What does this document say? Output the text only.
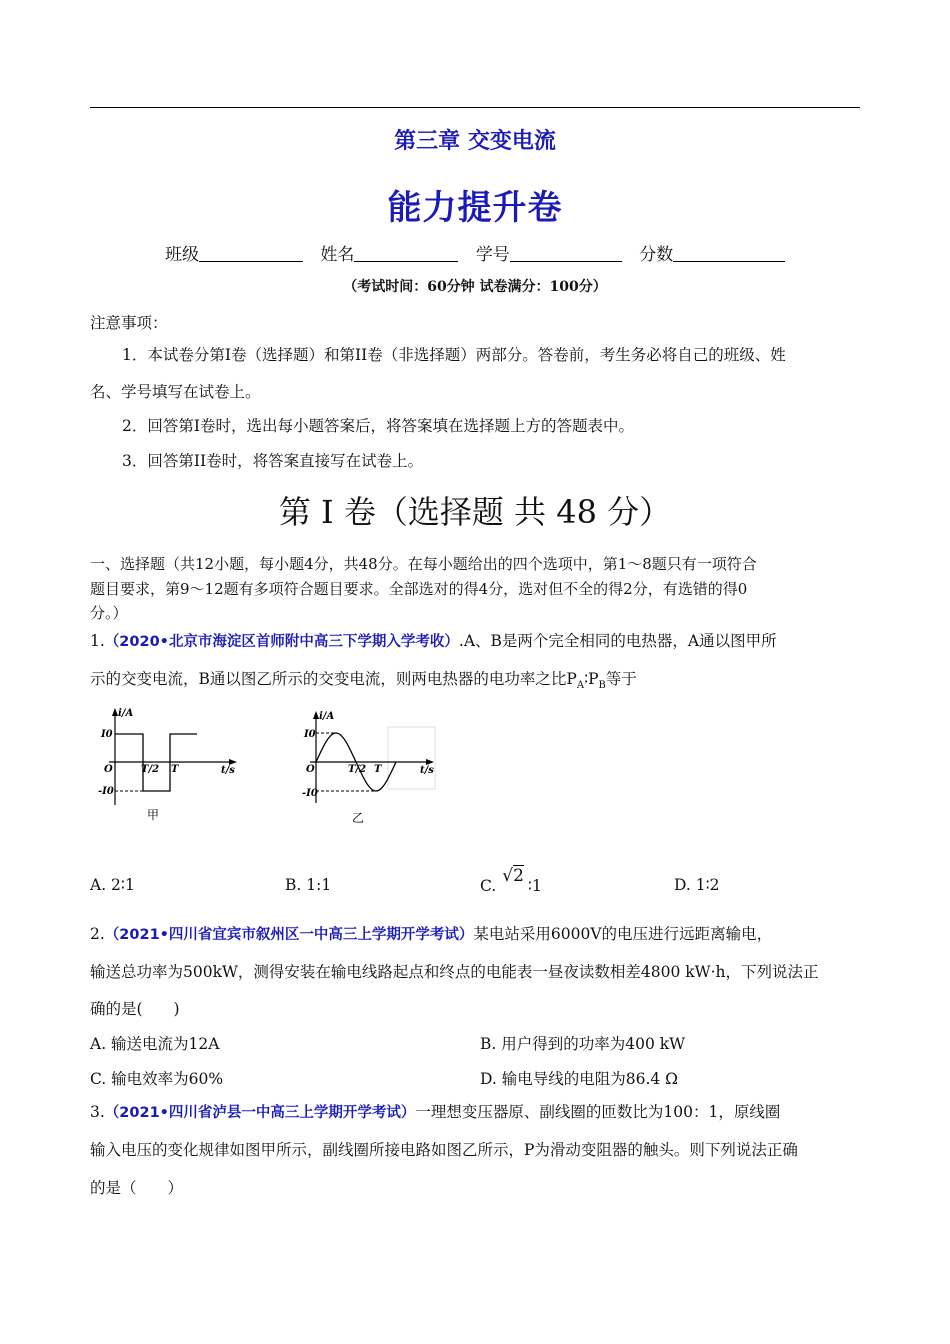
第三章 交变电流
能力提升卷
班级	姓名	学号	分数
（考试时间：60分钟 试卷满分：100分）
注意事项：
1．本试卷分第I卷（选择题）和第II卷（非选择题）两部分。答卷前，考生务必将自己的班级、姓
名、学号填写在试卷上。
2．回答第I卷时，选出每小题答案后，将答案填在选择题上方的答题表中。
3．回答第II卷时，将答案直接写在试卷上。
第 I 卷（选择题 共 48 分）
一、选择题（共12小题，每小题4分，共48分。在每小题给出的四个选项中，第1～8题只有一项符合
题目要求，第9～12题有多项符合题目要求。全部选对的得4分，选对但不全的得2分，有选错的得0
分。）
1.（2020•北京市海淀区首师附中高三下学期入学考收）.A、B是两个完全相同的电热器，A通以图甲所
示的交变电流，B通以图乙所示的交变电流，则两电热器的电功率之比$P_A∶P_B$等于
i/A
t/s
O
I0
-I0
T/2 T
甲
i/A
t/s
O
I0
-I0
T/2 T
乙
A. 2∶1	B. 1:1	C. √2 ∶1	D. 1∶2
2.（2021•四川省宜宾市叙州区一中高三上学期开学考试）某电站采用6000V的电压进行远距离输电，
输送总功率为500kW，测得安装在输电线路起点和终点的电能表一昼夜读数相差4800 kW·h，下列说法正
确的是(　　)
A. 输送电流为12A	B. 用户得到的功率为400 kW
C. 输电效率为60%	D. 输电导线的电阻为86.4 Ω
3.（2021•四川省泸县一中高三上学期开学考试）一理想变压器原、副线圈的匝数比为100：1，原线圈
输入电压的变化规律如图甲所示，副线圈所接电路如图乙所示，P为滑动变阻器的触头。则下列说法正确
的是（　　）
